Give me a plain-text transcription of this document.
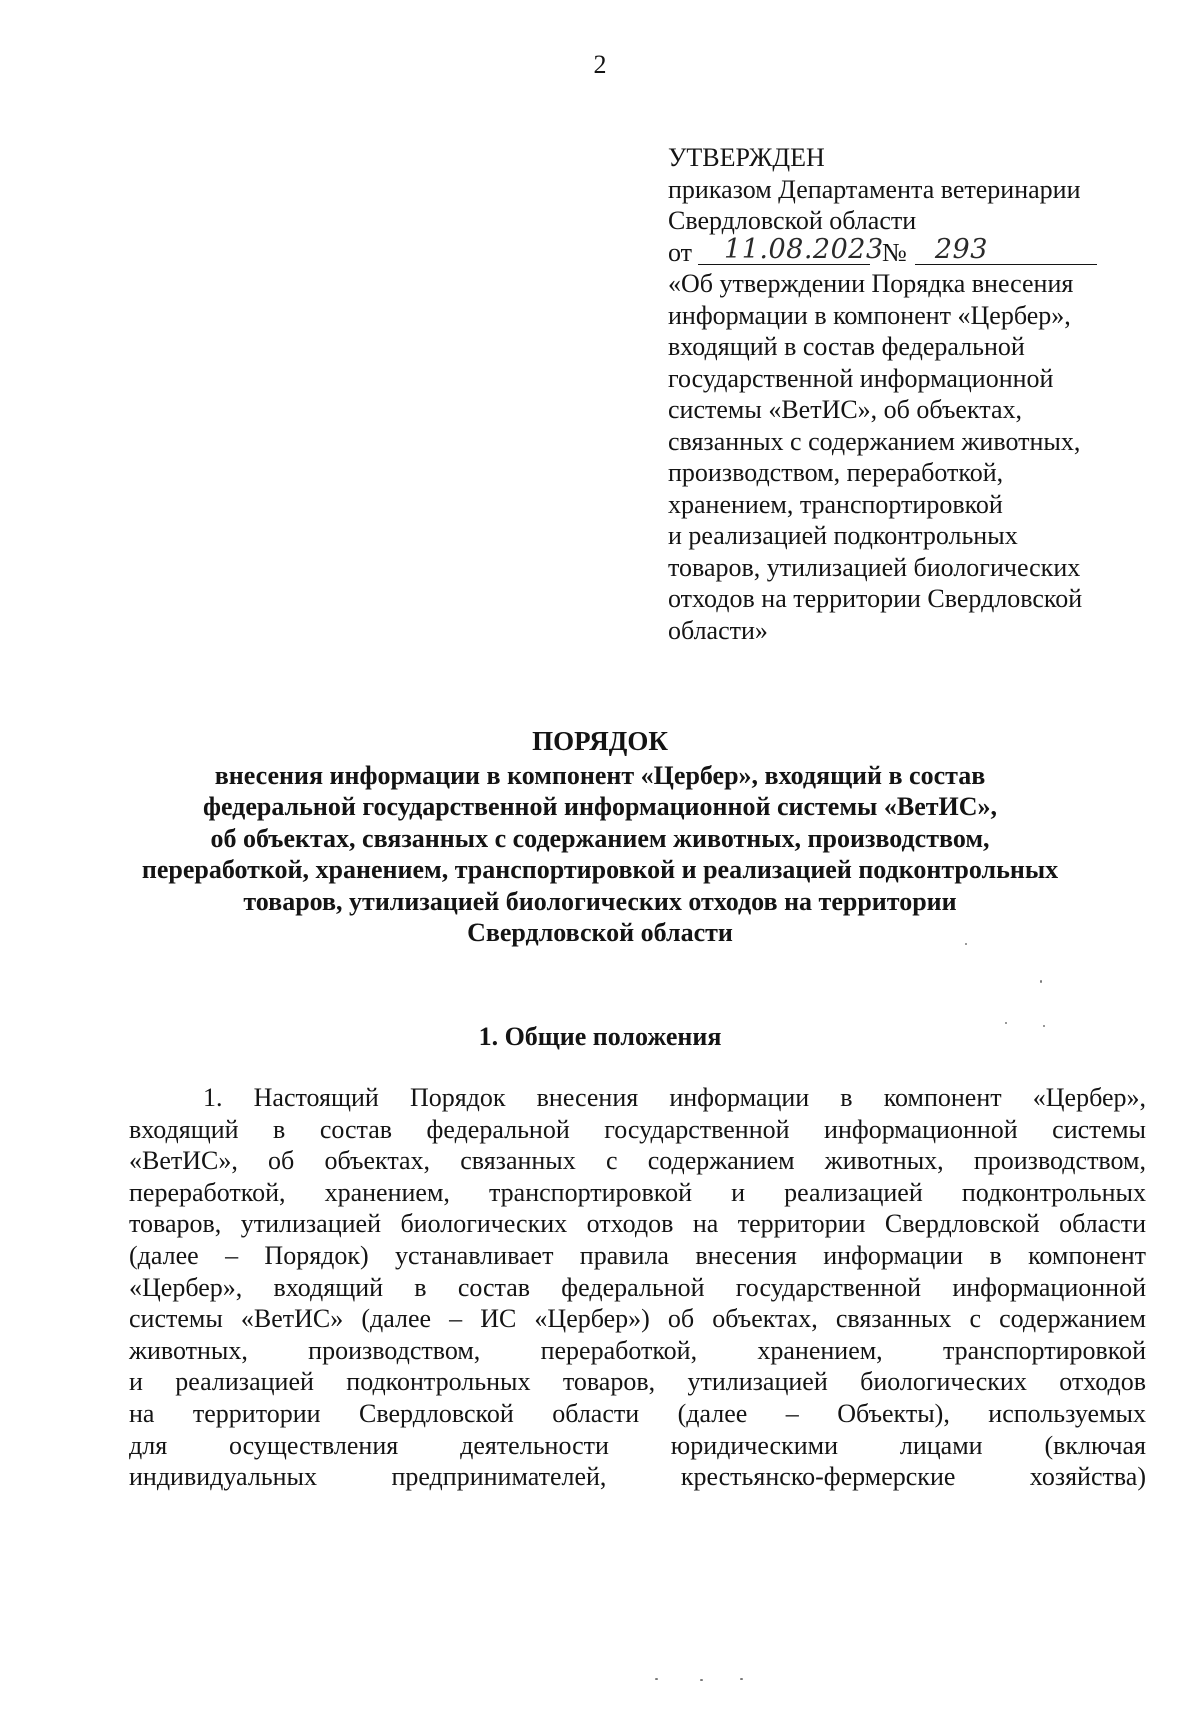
2
УТВЕРЖДЕН
приказом Департамента ветеринарии
Свердловской области
от	11.08.2023
№	293
«Об утверждении Порядка внесения
информации в компонент «Цербер»,
входящий в состав федеральной
государственной информационной
системы «ВетИС», об объектах,
связанных с содержанием животных,
производством, переработкой,
хранением, транспортировкой
и реализацией подконтрольных
товаров, утилизацией биологических
отходов на территории Свердловской
области»
ПОРЯДОК
внесения информации в компонент «Цербер», входящий в состав
федеральной государственной информационной системы «ВетИС»,
об объектах, связанных с содержанием животных, производством,
переработкой, хранением, транспортировкой и реализацией подконтрольных
товаров, утилизацией биологических отходов на территории
Свердловской области
1. Общие положения
1. Настоящий Порядок внесения информации в компонент «Цербер»,
входящий в состав федеральной государственной информационной системы
«ВетИС», об объектах, связанных с содержанием животных, производством,
переработкой, хранением, транспортировкой и реализацией подконтрольных
товаров, утилизацией биологических отходов на территории Свердловской области
(далее – Порядок) устанавливает правила внесения информации в компонент
«Цербер», входящий в состав федеральной государственной информационной
системы «ВетИС» (далее – ИС «Цербер») об объектах, связанных с содержанием
животных, производством, переработкой, хранением, транспортировкой
и реализацией подконтрольных товаров, утилизацией биологических отходов
на территории Свердловской области (далее – Объекты), используемых
для осуществления деятельности юридическими лицами (включая
индивидуальных предпринимателей, крестьянско-фермерские хозяйства)
